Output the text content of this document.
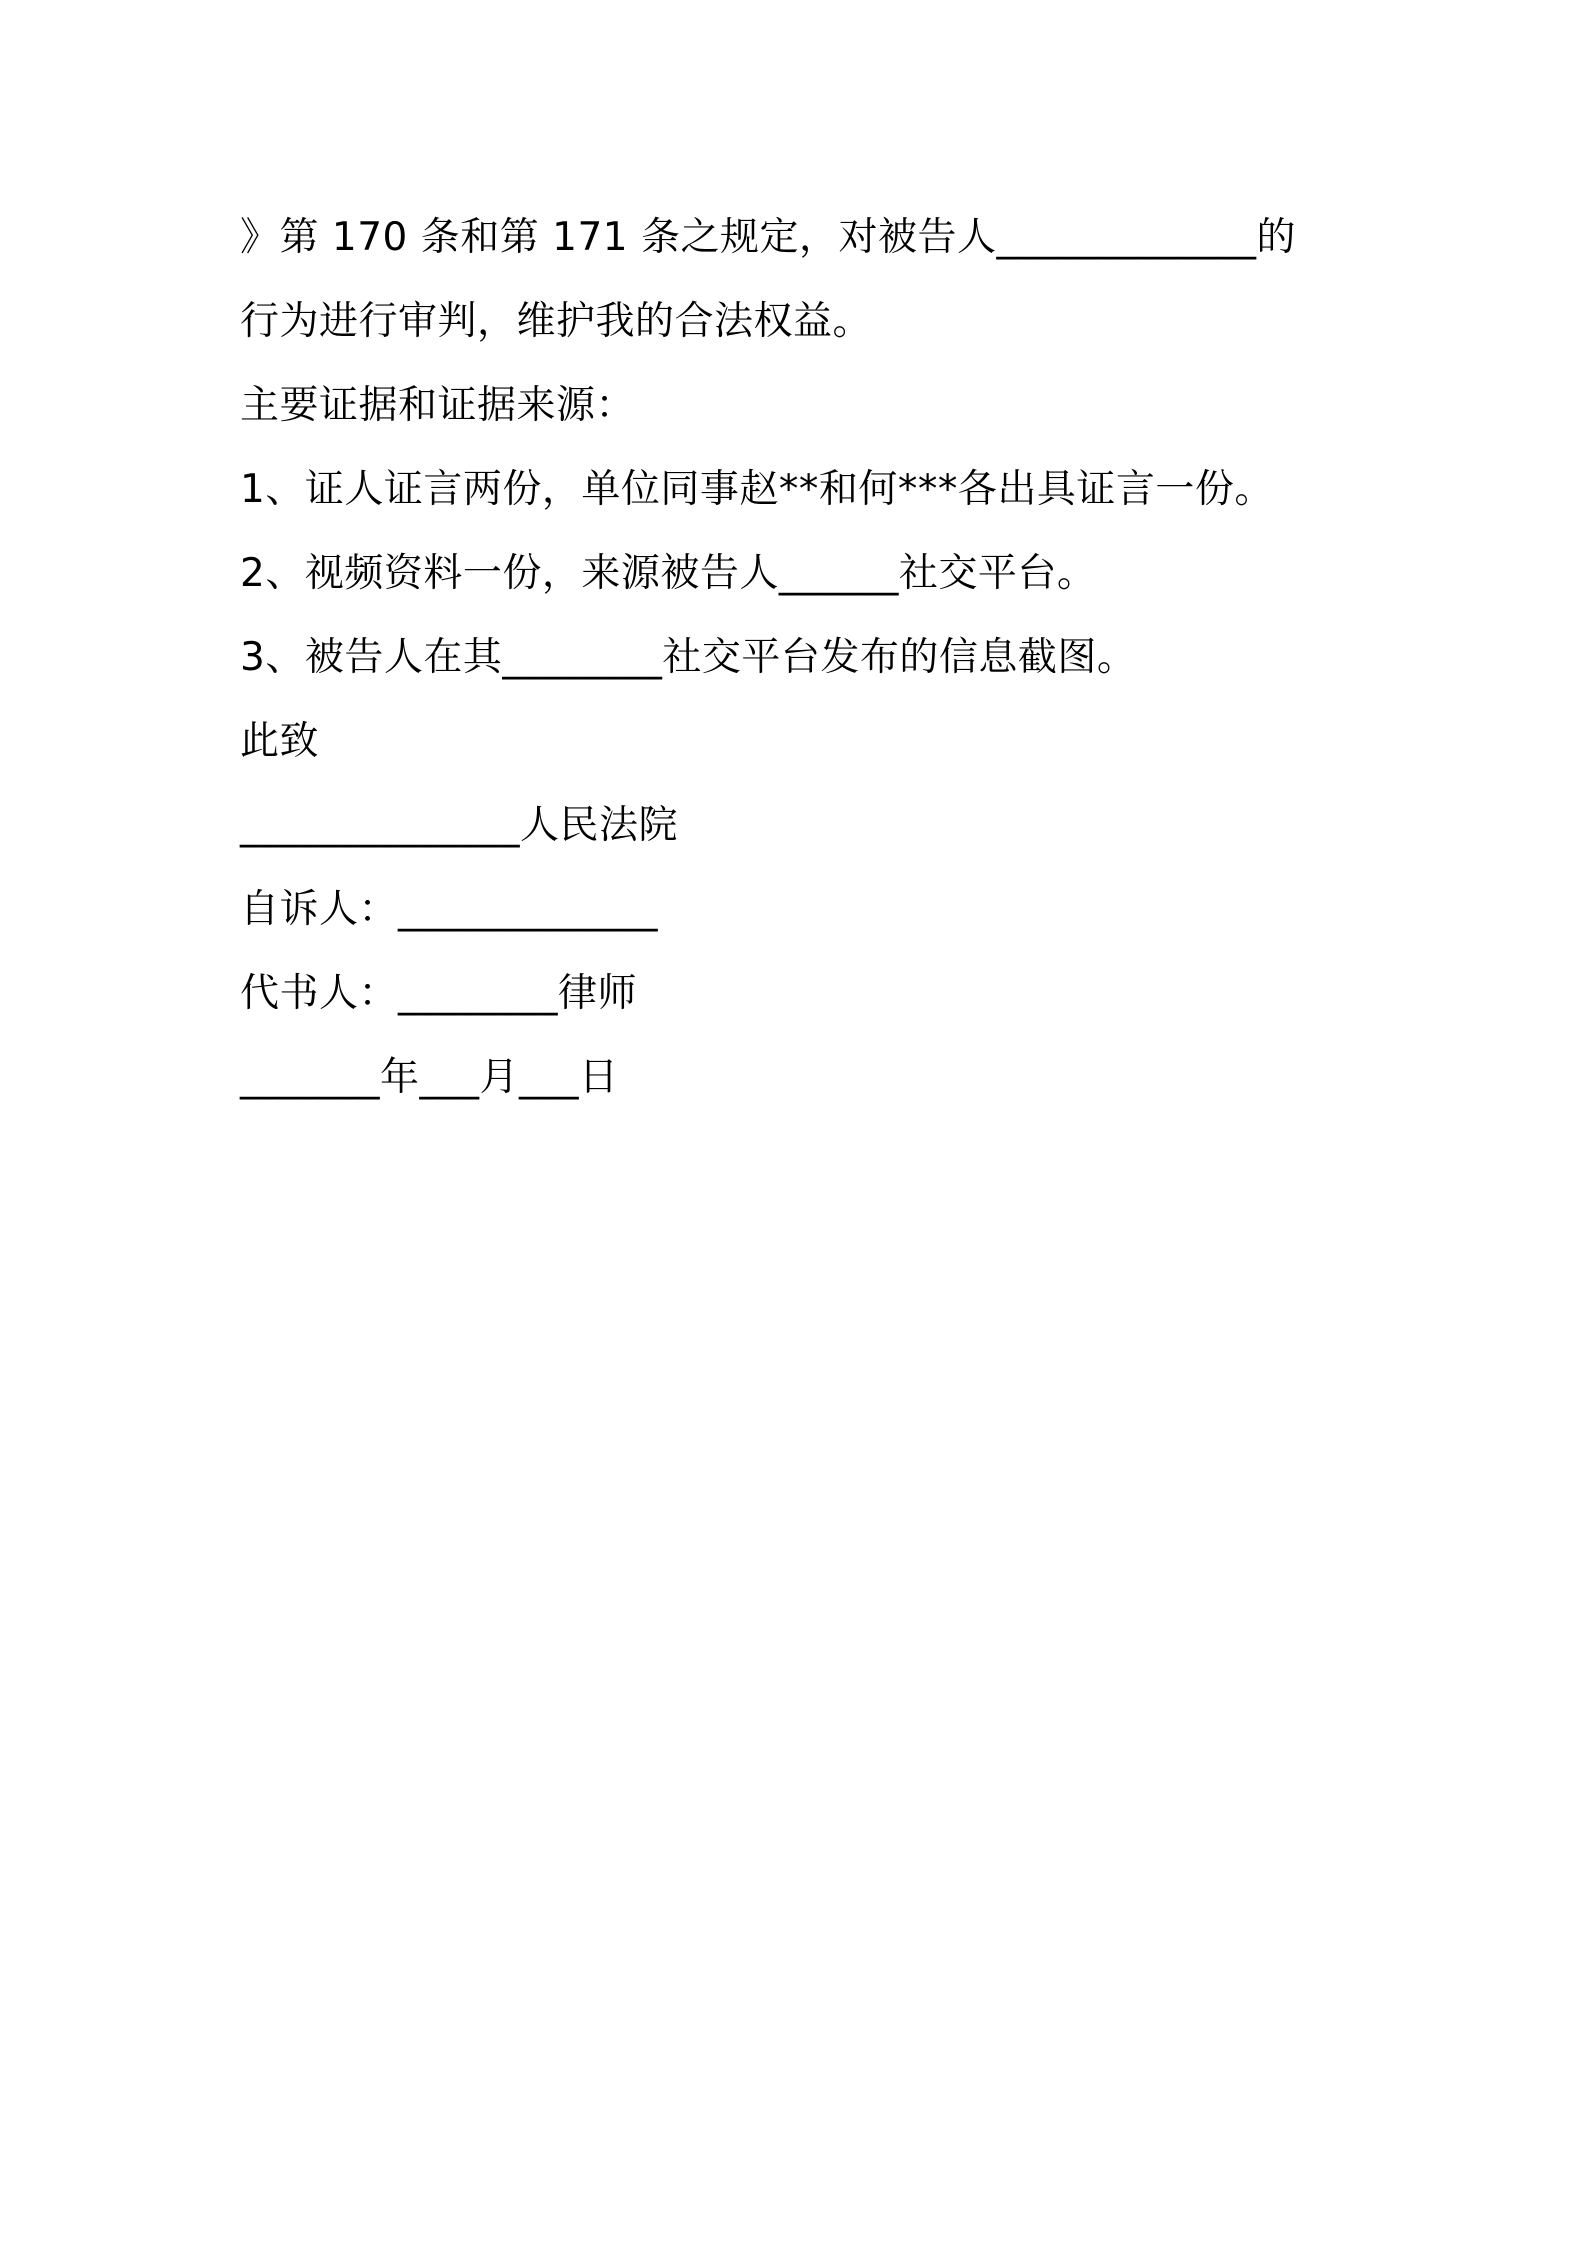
》第 170 条和第 171 条之规定，对被告人_____________的
行为进行审判，维护我的合法权益。
主要证据和证据来源：
1、证人证言两份，单位同事赵**和何***各出具证言一份。
2、视频资料一份，来源被告人______社交平台。
3、被告人在其________社交平台发布的信息截图。
此致
______________人民法院
自诉人：_____________
代书人：________律师
_______年___月___日
